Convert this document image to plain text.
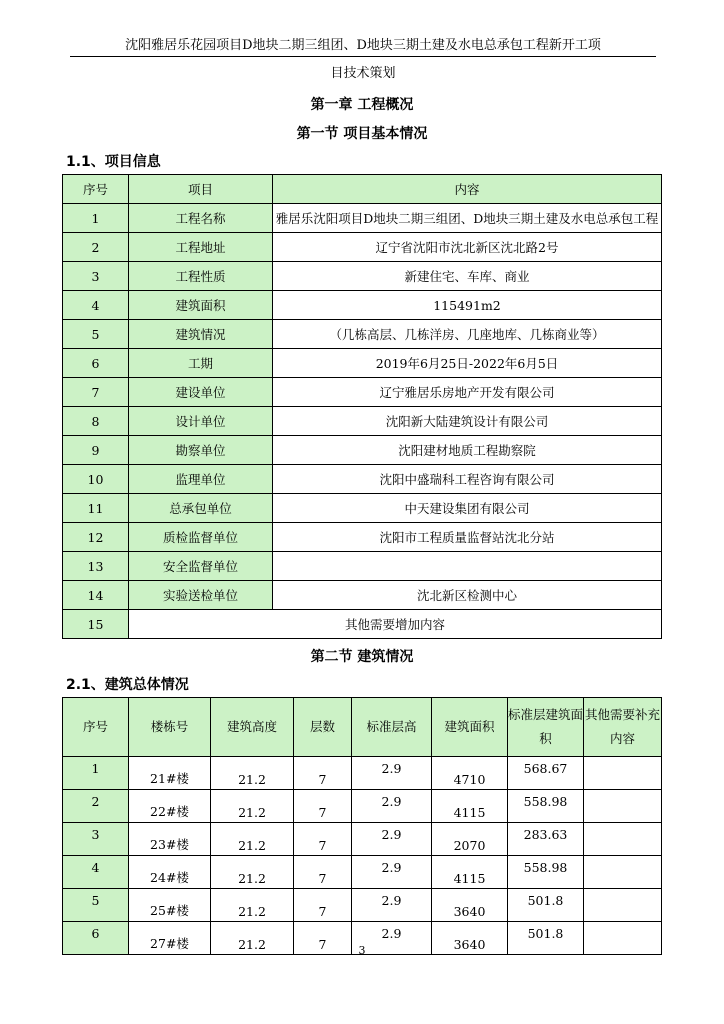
沈阳雅居乐花园项目D地块二期三组团、D地块三期土建及水电总承包工程新开工项
目技术策划
第一章 工程概况
第一节 项目基本情况
1.1、项目信息
序号	项目	内容
1	工程名称	雅居乐沈阳项目D地块二期三组团、D地块三期土建及水电总承包工程
2	工程地址	辽宁省沈阳市沈北新区沈北路2号
3	工程性质	新建住宅、车库、商业
4	建筑面积	115491m2
5	建筑情况	（几栋高层、几栋洋房、几座地库、几栋商业等）
6	工期	2019年6月25日-2022年6月5日
7	建设单位	辽宁雅居乐房地产开发有限公司
8	设计单位	沈阳新大陆建筑设计有限公司
9	勘察单位	沈阳建材地质工程勘察院
10	监理单位	沈阳中盛瑞科工程咨询有限公司
11	总承包单位	中天建设集团有限公司
12	质检监督单位	沈阳市工程质量监督站沈北分站
13	安全监督单位	
14	实验送检单位	沈北新区检测中心
15	其他需要增加内容	
第二节 建筑情况
2.1、建筑总体情况
序号	楼栋号	建筑高度	层数	标准层高	建筑面积	标准层建筑面积	其他需要补充内容
1	21#楼	21.2	7	2.9	4710	568.67	
2	22#楼	21.2	7	2.9	4115	558.98	
3	23#楼	21.2	7	2.9	2070	283.63	
4	24#楼	21.2	7	2.9	4115	558.98	
5	25#楼	21.2	7	2.9	3640	501.8	
6	27#楼	21.2	7	2.9	3640	501.8	
3
